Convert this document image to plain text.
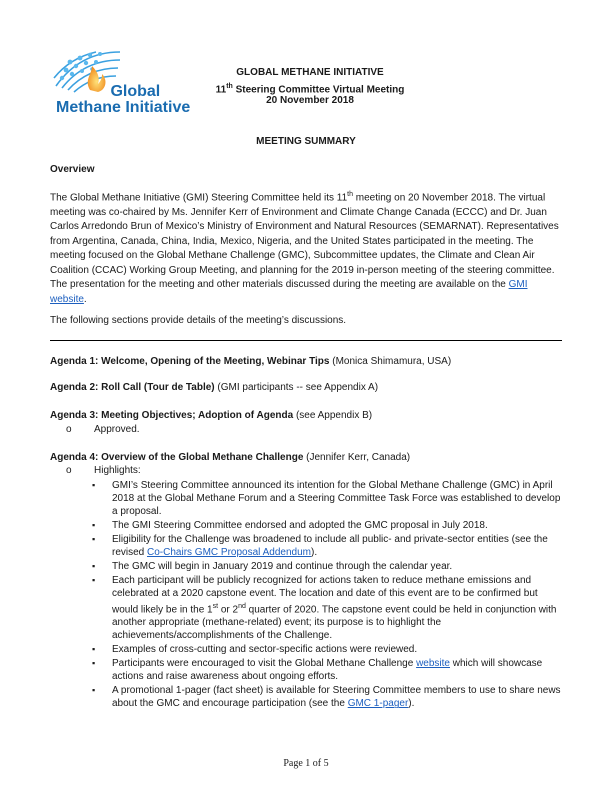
Global
Methane Initiative
GLOBAL METHANE INITIATIVE
11th Steering Committee Virtual Meeting
20 November 2018
MEETING SUMMARY
Overview

The Global Methane Initiative (GMI) Steering Committee held its 11th meeting on 20 November 2018. The virtual meeting was co-chaired by Ms. Jennifer Kerr of Environment and Climate Change Canada (ECCC) and Dr. Juan Carlos Arredondo Brun of Mexico’s Ministry of Environment and Natural Resources (SEMARNAT). Representatives from Argentina, Canada, China, India, Mexico, Nigeria, and the United States participated in the meeting. The meeting focused on the Global Methane Challenge (GMC), Subcommittee updates, the Climate and Clean Air Coalition (CCAC) Working Group Meeting, and planning for the 2019 in-person meeting of the steering committee. The presentation for the meeting and other materials discussed during the meeting are available on the GMI website.

The following sections provide details of the meeting’s discussions.
Agenda 1: Welcome, Opening of the Meeting, Webinar Tips (Monica Shimamura, USA)
Agenda 2: Roll Call (Tour de Table) (GMI participants -- see Appendix A)
Agenda 3: Meeting Objectives; Adoption of Agenda (see Appendix B)
o Approved.
Agenda 4: Overview of the Global Methane Challenge (Jennifer Kerr, Canada)
o Highlights:
▪ GMI’s Steering Committee announced its intention for the Global Methane Challenge (GMC) in April 2018 at the Global Methane Forum and a Steering Committee Task Force was established to develop a proposal.
▪ The GMI Steering Committee endorsed and adopted the GMC proposal in July 2018.
▪ Eligibility for the Challenge was broadened to include all public- and private-sector entities (see the revised Co-Chairs GMC Proposal Addendum).
▪ The GMC will begin in January 2019 and continue through the calendar year.
▪ Each participant will be publicly recognized for actions taken to reduce methane emissions and celebrated at a 2020 capstone event. The location and date of this event are to be confirmed but would likely be in the 1st or 2nd quarter of 2020. The capstone event could be held in conjunction with another appropriate (methane-related) event; its purpose is to highlight the achievements/accomplishments of the Challenge.
▪ Examples of cross-cutting and sector-specific actions were reviewed.
▪ Participants were encouraged to visit the Global Methane Challenge website which will showcase actions and raise awareness about ongoing efforts.
▪ A promotional 1-pager (fact sheet) is available for Steering Committee members to use to share news about the GMC and encourage participation (see the GMC 1-pager).
Page 1 of 5
